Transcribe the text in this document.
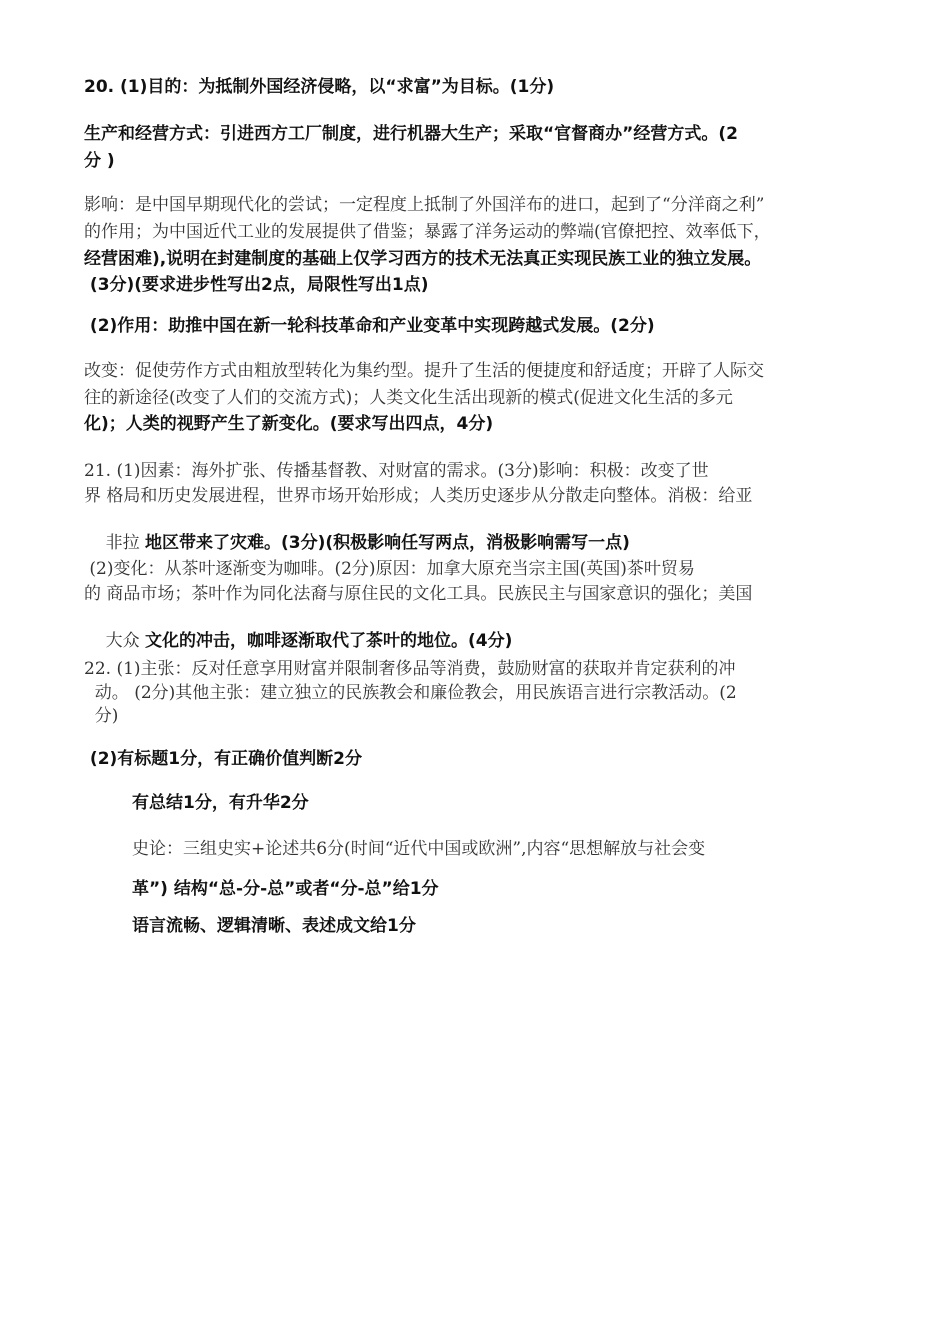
20. (1)目的：为抵制外国经济侵略，以“求富”为目标。(1分)
生产和经营方式：引进西方工厂制度，进行机器大生产；采取“官督商办”经营方式。(2
分 )
影响：是中国早期现代化的尝试；一定程度上抵制了外国洋布的进口，起到了“分洋商之利”
的作用；为中国近代工业的发展提供了借鉴；暴露了洋务运动的弊端(官僚把控、效率低下，
经营困难),说明在封建制度的基础上仅学习西方的技术无法真正实现民族工业的独立发展。
(3分)(要求进步性写出2点，局限性写出1点)
(2)作用：助推中国在新一轮科技革命和产业变革中实现跨越式发展。(2分)
改变：促使劳作方式由粗放型转化为集约型。提升了生活的便捷度和舒适度；开辟了人际交
往的新途径(改变了人们的交流方式)；人类文化生活出现新的模式(促进文化生活的多元
化)；人类的视野产生了新变化。(要求写出四点，4分)
21. (1)因素：海外扩张、传播基督教、对财富的需求。(3分)影响：积极：改变了世
界 格局和历史发展进程，世界市场开始形成；人类历史逐步从分散走向整体。消极：给亚

非拉 地区带来了灾难。(3分)(积极影响任写两点，消极影响需写一点)

(2)变化：从茶叶逐渐变为咖啡。(2分)原因：加拿大原充当宗主国(英国)茶叶贸易
的 商品市场；茶叶作为同化法裔与原住民的文化工具。民族民主与国家意识的强化；美国

大众 文化的冲击，咖啡逐渐取代了茶叶的地位。(4分)

22. (1)主张：反对任意享用财富并限制奢侈品等消费，鼓励财富的获取并肯定获利的冲
动。 (2分)其他主张：建立独立的民族教会和廉俭教会，用民族语言进行宗教活动。(2
分)
(2)有标题1分，有正确价值判断2分
有总结1分，有升华2分
史论：三组史实+论述共6分(时间“近代中国或欧洲”,内容“思想解放与社会变
革”) 结构“总-分-总”或者“分-总”给1分
语言流畅、逻辑清晰、表述成文给1分
